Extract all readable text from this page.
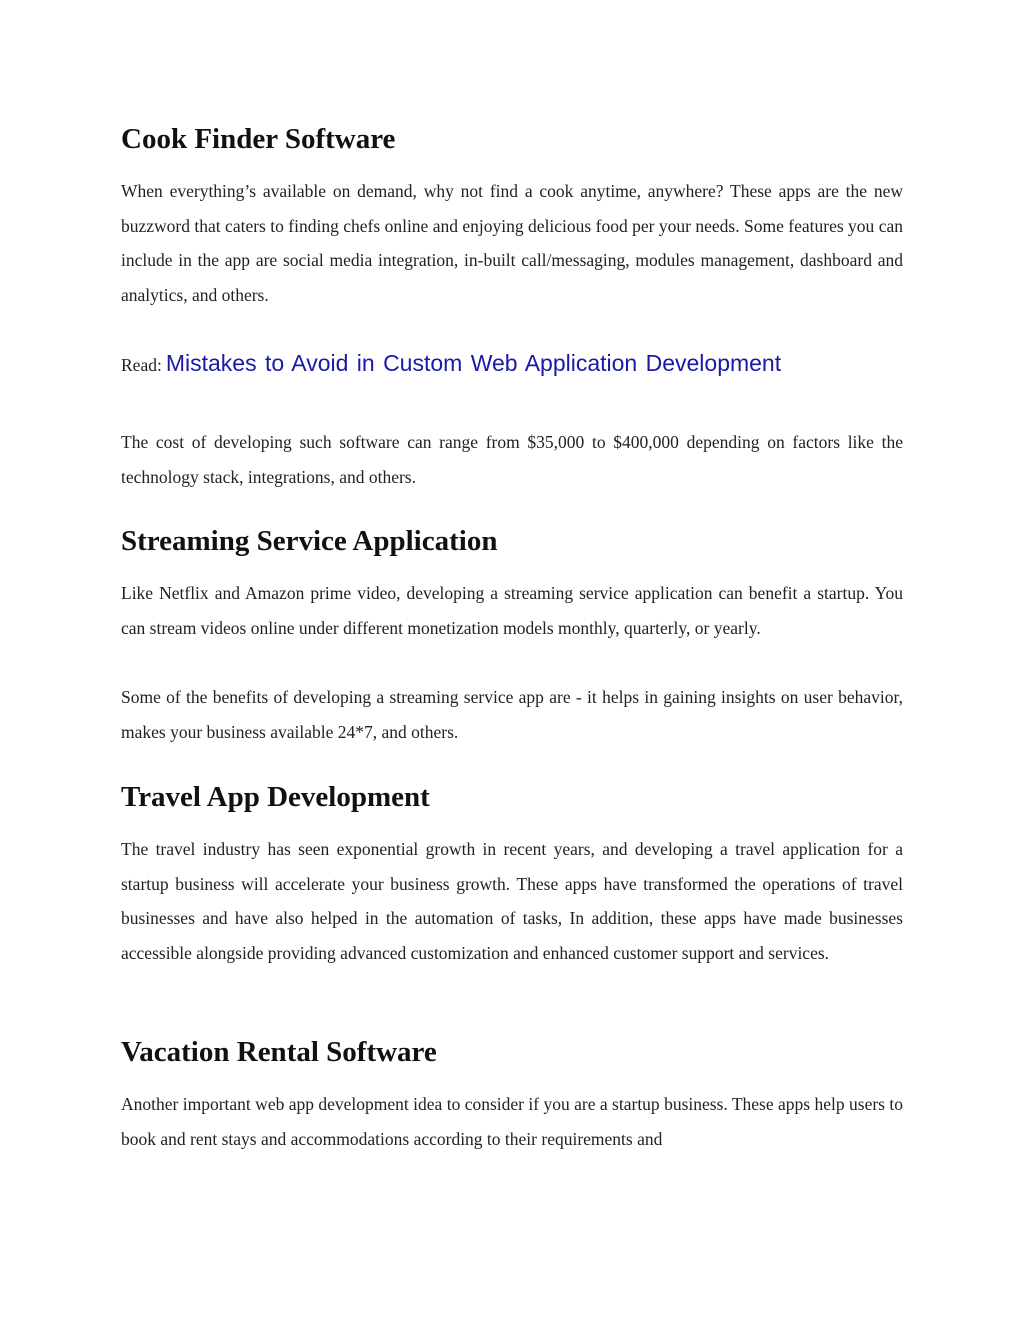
Cook Finder Software

When everything’s available on demand, why not find a cook anytime, anywhere? These apps are the new buzzword that caters to finding chefs online and enjoying delicious food per your needs. Some features you can include in the app are social media integration, in-built call/messaging, modules management, dashboard and analytics, and others.

Read: Mistakes to Avoid in Custom Web Application Development

The cost of developing such software can range from $35,000 to $400,000 depending on factors like the technology stack, integrations, and others.

Streaming Service Application

Like Netflix and Amazon prime video, developing a streaming service application can benefit a startup. You can stream videos online under different monetization models monthly, quarterly, or yearly.

Some of the benefits of developing a streaming service app are - it helps in gaining insights on user behavior, makes your business available 24*7, and others.

Travel App Development

The travel industry has seen exponential growth in recent years, and developing a travel application for a startup business will accelerate your business growth. These apps have transformed the operations of travel businesses and have also helped in the automation of tasks, In addition, these apps have made businesses accessible alongside providing advanced customization and enhanced customer support and services.

Vacation Rental Software

Another important web app development idea to consider if you are a startup business. These apps help users to book and rent stays and accommodations according to their requirements and
